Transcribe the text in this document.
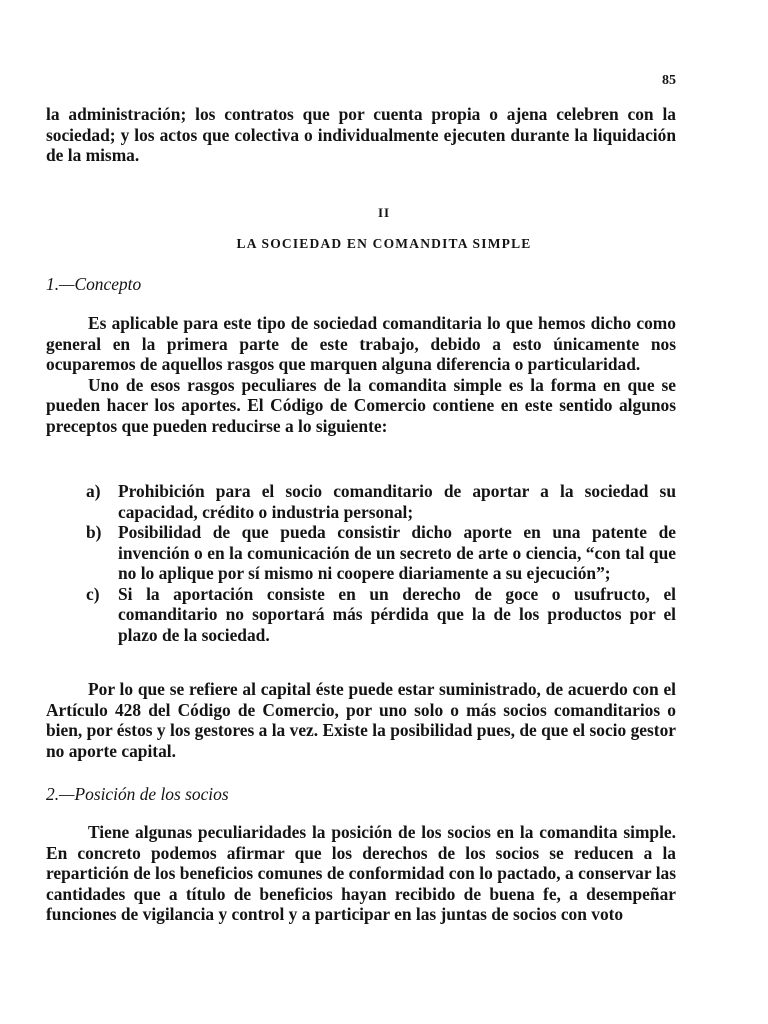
85

la administración; los contratos que por cuenta propia o ajena celebren con la sociedad; y los actos que colectiva o individualmente ejecuten durante la liquidación de la misma.

II
LA SOCIEDAD EN COMANDITA SIMPLE
1.—Concepto

Es aplicable para este tipo de sociedad comanditaria lo que hemos dicho como general en la primera parte de este trabajo, debido a esto únicamente nos ocuparemos de aquellos rasgos que marquen alguna diferencia o particularidad.

Uno de esos rasgos peculiares de la comandita simple es la forma en que se pueden hacer los aportes. El Código de Comercio contiene en este sentido algunos preceptos que pueden reducirse a lo siguiente:

a) Prohibición para el socio comanditario de aportar a la sociedad su capacidad, crédito o industria personal;
b) Posibilidad de que pueda consistir dicho aporte en una patente de invención o en la comunicación de un secreto de arte o ciencia, “con tal que no lo aplique por sí mismo ni coopere diariamente a su ejecución”;
c) Si la aportación consiste en un derecho de goce o usufructo, el comanditario no soportará más pérdida que la de los productos por el plazo de la sociedad.

Por lo que se refiere al capital éste puede estar suministrado, de acuerdo con el Artículo 428 del Código de Comercio, por uno solo o más socios comanditarios o bien, por éstos y los gestores a la vez. Existe la posibilidad pues, de que el socio gestor no aporte capital.

2.—Posición de los socios

Tiene algunas peculiaridades la posición de los socios en la comandita simple. En concreto podemos afirmar que los derechos de los socios se reducen a la repartición de los beneficios comunes de conformidad con lo pactado, a conservar las cantidades que a título de beneficios hayan recibido de buena fe, a desempeñar funciones de vigilancia y control y a participar en las juntas de socios con voto
